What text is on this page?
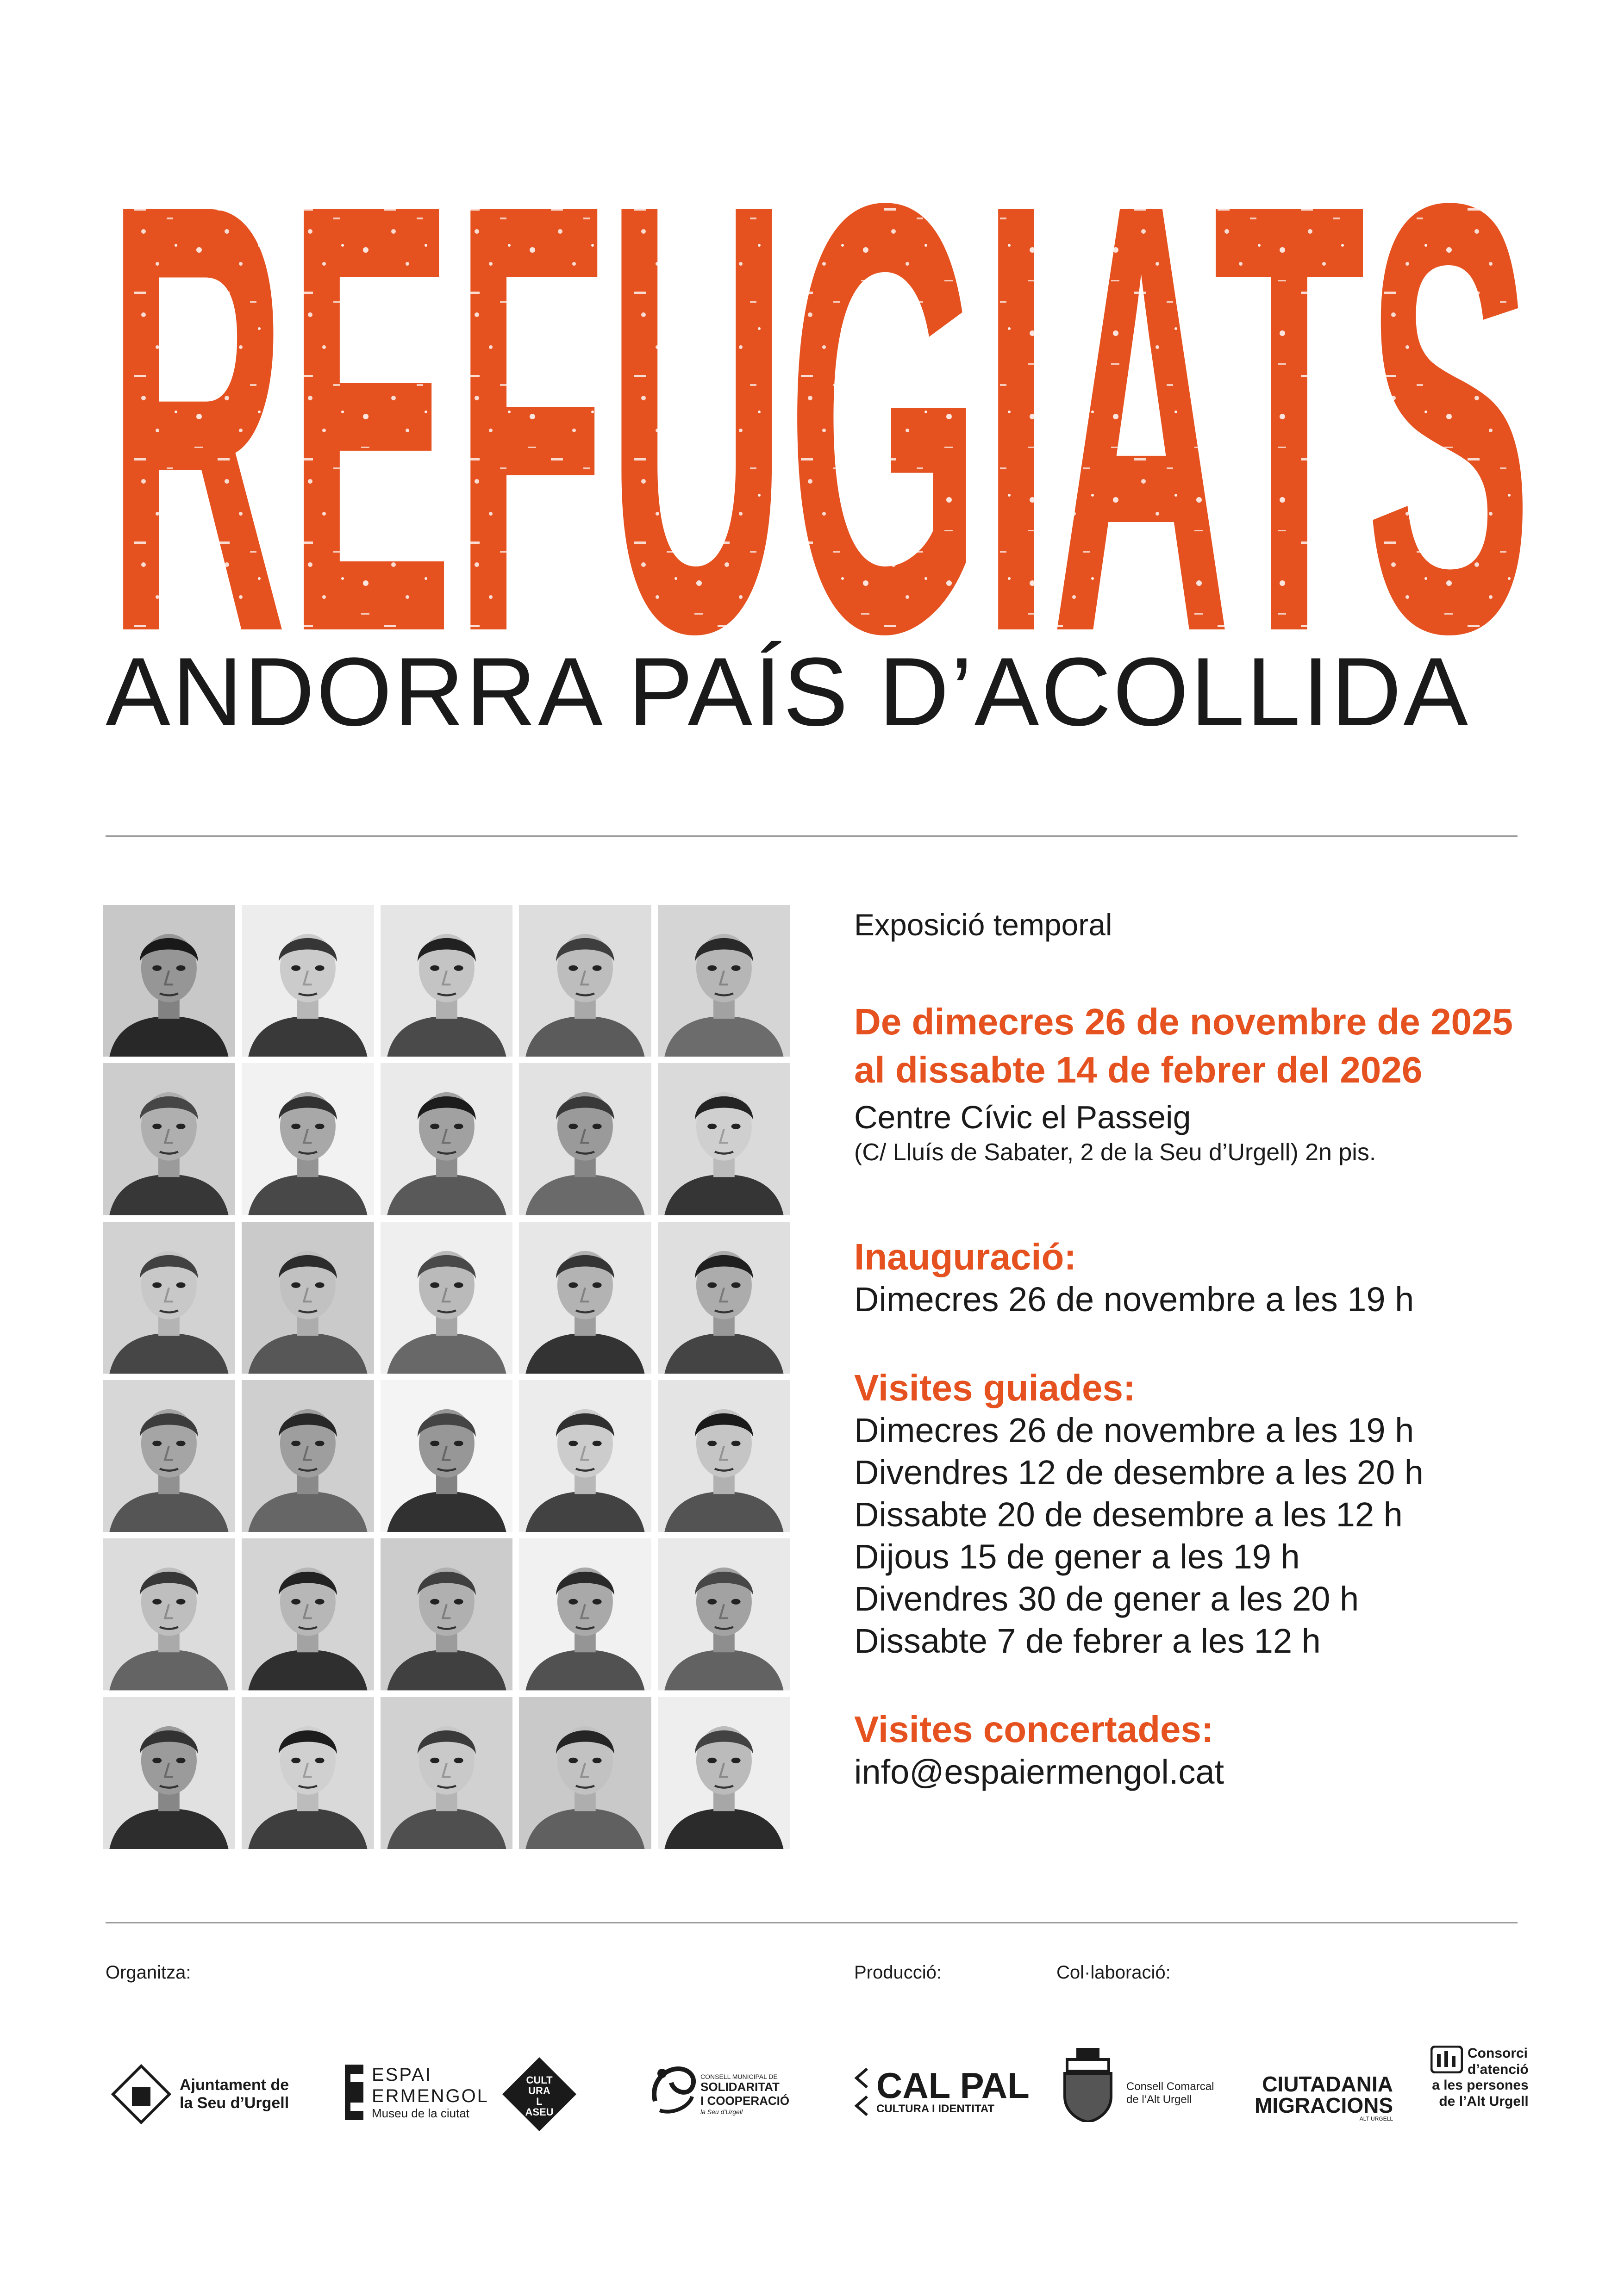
REFUGIATS
ANDORRA PAÍS D’ACOLLIDA

Exposició temporal

De dimecres 26 de novembre de 2025
al dissabte 14 de febrer del 2026
Centre Cívic el Passeig
(C/ Lluís de Sabater, 2 de la Seu d’Urgell) 2n pis.
Inauguració:
Dimecres 26 de novembre a les 19 h
Visites guiades:
Dimecres 26 de novembre a les 19 h
Divendres 12 de desembre a les 20 h
Dissabte 20 de desembre a les 12 h
Dijous 15 de gener a les 19 h
Divendres 30 de gener a les 20 h
Dissabte 7 de febrer a les 12 h
Visites concertades:
info@espaiermengol.cat
Organitza:	Producció:	Col·laboració:
Ajuntament de
la Seu d’Urgell
ESPAI
ERMENGOL
Museu de la ciutat
CULT
URA
L
ASEU
CONSELL MUNICIPAL DE
SOLIDARITAT
I COOPERACIÓ
la Seu d’Urgell
CAL PAL
CULTURA I IDENTITAT
Consell Comarcal
de l’Alt Urgell
CIUTADANIA
MIGRACIONS
ALT URGELL
Consorci
d’atenció
a les persones
de l’Alt Urgell
